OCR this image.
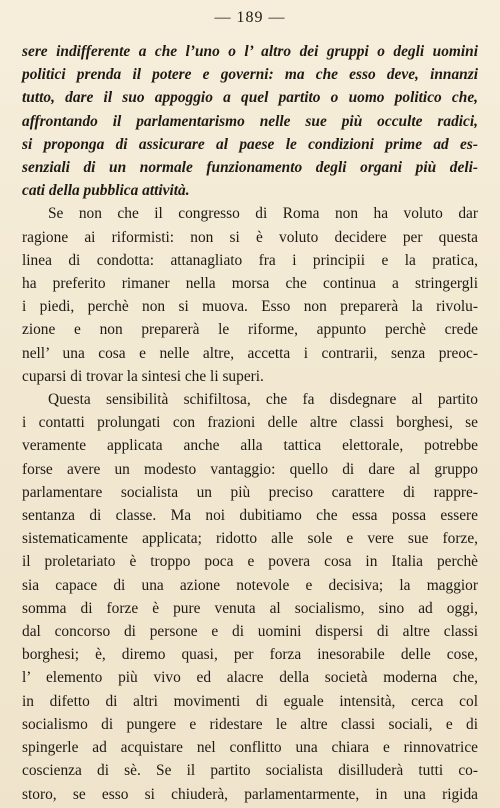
— 189 —
sere indifferente a che l’uno o l’ altro dei gruppi o degli uomini
politici prenda il potere e governi: ma che esso deve, innanzi
tutto, dare il suo appoggio a quel partito o uomo politico che,
affrontando il parlamentarismo nelle sue più occulte radici,
si proponga di assicurare al paese le condizioni prime ad es-
senziali di un normale funzionamento degli organi più deli-
cati della pubblica attività.
Se non che il congresso di Roma non ha voluto dar
ragione ai riformisti: non si è voluto decidere per questa
linea di condotta: attanagliato fra i principii e la pratica,
ha preferito rimaner nella morsa che continua a stringergli
i piedi, perchè non si muova. Esso non preparerà la rivolu-
zione e non preparerà le riforme, appunto perchè crede
nell’ una cosa e nelle altre, accetta i contrarii, senza preoc-
cuparsi di trovar la sintesi che li superi.
Questa sensibilità schifiltosa, che fa disdegnare al partito
i contatti prolungati con frazioni delle altre classi borghesi, se
veramente applicata anche alla tattica elettorale, potrebbe
forse avere un modesto vantaggio: quello di dare al gruppo
parlamentare socialista un più preciso carattere di rappre-
sentanza di classe. Ma noi dubitiamo che essa possa essere
sistematicamente applicata; ridotto alle sole e vere sue forze,
il proletariato è troppo poca e povera cosa in Italia perchè
sia capace di una azione notevole e decisiva; la maggior
somma di forze è pure venuta al socialismo, sino ad oggi,
dal concorso di persone e di uomini dispersi di altre classi
borghesi; è, diremo quasi, per forza inesorabile delle cose,
l’ elemento più vivo ed alacre della società moderna che,
in difetto di altri movimenti di eguale intensità, cerca col
socialismo di pungere e ridestare le altre classi sociali, e di
spingerle ad acquistare nel conflitto una chiara e rinnovatrice
coscienza di sè. Se il partito socialista disilluderà tutti co-
storo, se esso si chiuderà, parlamentarmente, in una rigida
